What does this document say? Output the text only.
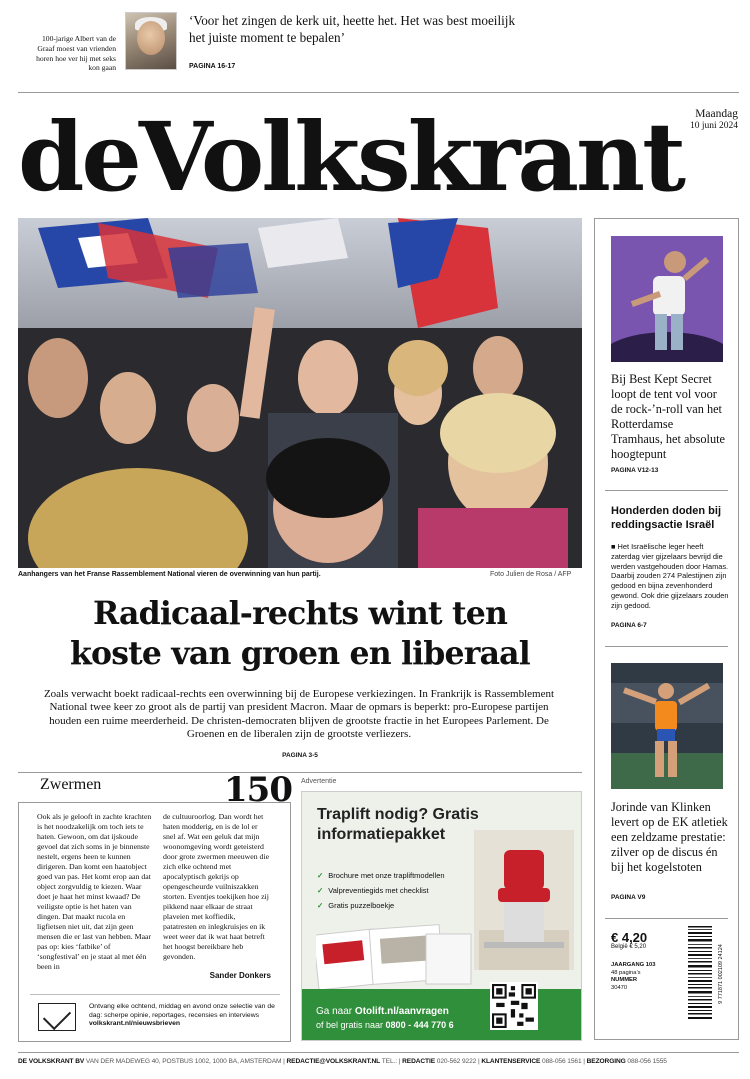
100-jarige Albert van de Graaf moest van vrienden horen hoe ver hij met seks kon gaan
‘Voor het zingen de kerk uit, heette het. Het was best moeilijk het juiste moment te bepalen’
PAGINA 16-17
deVolkskrant Maandag
10 juni 2024
Aanhangers van het Franse Rassemblement National vieren de overwinning van hun partij.	Foto Julien de Rosa / AFP
Radicaal-rechts wint ten
koste van groen en liberaal
Zoals verwacht boekt radicaal-rechts een overwinning bij de Europese verkiezingen. In Frankrijk is Rassemblement National twee keer zo groot als de partij van president Macron. Maar de opmars is beperkt: pro-Europese partijen houden een ruime meerderheid. De christen-democraten blijven de grootste fractie in het Europees Parlement. De Groenen en de liberalen zijn de grootste verliezers.
PAGINA 3-5
Zwermen	150
Ook als je gelooft in zachte krachten is het noodzakelijk om toch iets te haten. Gewoon, om dat ijskoude gevoel dat zich soms in je binnenste nestelt, ergens heen te kunnen dirigeren. Dan komt een haatobject goed van pas. Het komt erop aan dat object zorgvuldig te kiezen. Waar doet je haat het minst kwaad? De veiligste optie is het haten van dingen. Dat maakt rucola en ligfietsen niet uit, dat zijn geen mensen die er last van hebben. Maar pas op: kies ‘fatbike’ of ‘songfestival’ en je staat al met één been in
de cultuuroorlog. Dan wordt het haten modderig, en is de lol er snel af. Wat een geluk dat mijn woonomgeving wordt geteisterd door grote zwermen meeuwen die zich elke ochtend met apocalyptisch gekrijs op opengescheurde vuilniszakken storten. Eventjes toekijken hoe zij pikkend naar elkaar de straat plaveien met koffiedik, patatresten en inlegkruisjes en ik weet weer dat ik wat haat betreft het hoogst bereikbare heb gevonden.
Sander Donkers
Ontvang elke ochtend, middag en avond onze selectie van de dag: scherpe opinie, reportages, recensies en interviews
volkskrant.nl/nieuwsbrieven
Advertentie
Traplift nodig? Gratis informatiepakket
✓ Brochure met onze trapliftmodellen
✓ Valpreventiegids met checklist
✓ Gratis puzzelboekje
Ga naar Otolift.nl/aanvragen
of bel gratis naar 0800 - 444 770 6
Bij Best Kept Secret loopt de tent vol voor de rock-’n-roll van het Rotterdamse Tramhaus, het absolute hoogtepunt
PAGINA V12-13
Honderden doden bij reddingsactie Israël
■ Het Israëlische leger heeft zaterdag vier gijzelaars bevrijd die werden vastgehouden door Hamas. Daarbij zouden 274 Palestijnen zijn gedood en bijna zevenhonderd gewond. Ook drie gijzelaars zouden zijn gedood.
PAGINA 6-7
Jorinde van Klinken levert op de EK atletiek een zeldzame prestatie: zilver op de discus én bij het kogelstoten
PAGINA V9
€ 4,20
België € 5,20
JAARGANG 103
48 pagina’s
NUMMER
30470	9 771871 002109 24124
DE VOLKSKRANT BV VAN DER MADEWEG 40, POSTBUS 1002, 1000 BA, AMSTERDAM | REDACTIE@VOLKSKRANT.NL TEL.: | REDACTIE 020-562 9222 | KLANTENSERVICE 088-056 1561 | BEZORGING 088-056 1555
